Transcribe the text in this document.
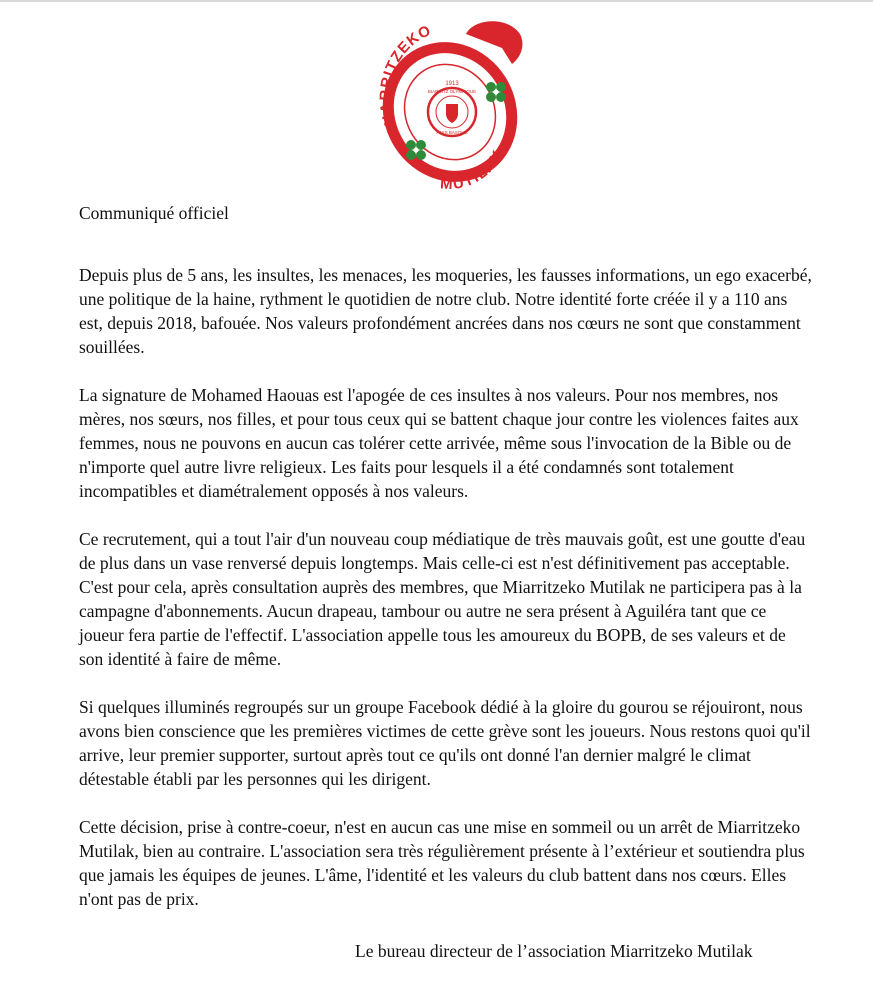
MIARRITZEKO
MUTILAK
1913
BIARRITZ OLYMPIQUE
PAYS BASQUE

Communiqué officiel

Depuis plus de 5 ans, les insultes, les menaces, les moqueries, les fausses informations, un ego exacerbé, une politique de la haine, rythment le quotidien de notre club. Notre identité forte créée il y a 110 ans est, depuis 2018, bafouée. Nos valeurs profondément ancrées dans nos cœurs ne sont que constamment souillées.

La signature de Mohamed Haouas est l'apogée de ces insultes à nos valeurs. Pour nos membres, nos mères, nos sœurs, nos filles, et pour tous ceux qui se battent chaque jour contre les violences faites aux femmes, nous ne pouvons en aucun cas tolérer cette arrivée, même sous l'invocation de la Bible ou de n'importe quel autre livre religieux. Les faits pour lesquels il a été condamnés sont totalement incompatibles et diamétralement opposés à nos valeurs.

Ce recrutement, qui a tout l'air d'un nouveau coup médiatique de très mauvais goût, est une goutte d'eau de plus dans un vase renversé depuis longtemps. Mais celle-ci est n'est définitivement pas acceptable. C'est pour cela, après consultation auprès des membres, que Miarritzeko Mutilak ne participera pas à la campagne d'abonnements. Aucun drapeau, tambour ou autre ne sera présent à Aguiléra tant que ce joueur fera partie de l'effectif. L'association appelle tous les amoureux du BOPB, de ses valeurs et de son identité à faire de même.

Si quelques illuminés regroupés sur un groupe Facebook dédié à la gloire du gourou se réjouiront, nous avons bien conscience que les premières victimes de cette grève sont les joueurs. Nous restons quoi qu'il arrive, leur premier supporter, surtout après tout ce qu'ils ont donné l'an dernier malgré le climat détestable établi par les personnes qui les dirigent.

Cette décision, prise à contre-coeur, n'est en aucun cas une mise en sommeil ou un arrêt de Miarritzeko Mutilak, bien au contraire. L'association sera très régulièrement présente à l’extérieur et soutiendra plus que jamais les équipes de jeunes. L'âme, l'identité et les valeurs du club battent dans nos cœurs. Elles n'ont pas de prix.

Le bureau directeur de l’association Miarritzeko Mutilak
